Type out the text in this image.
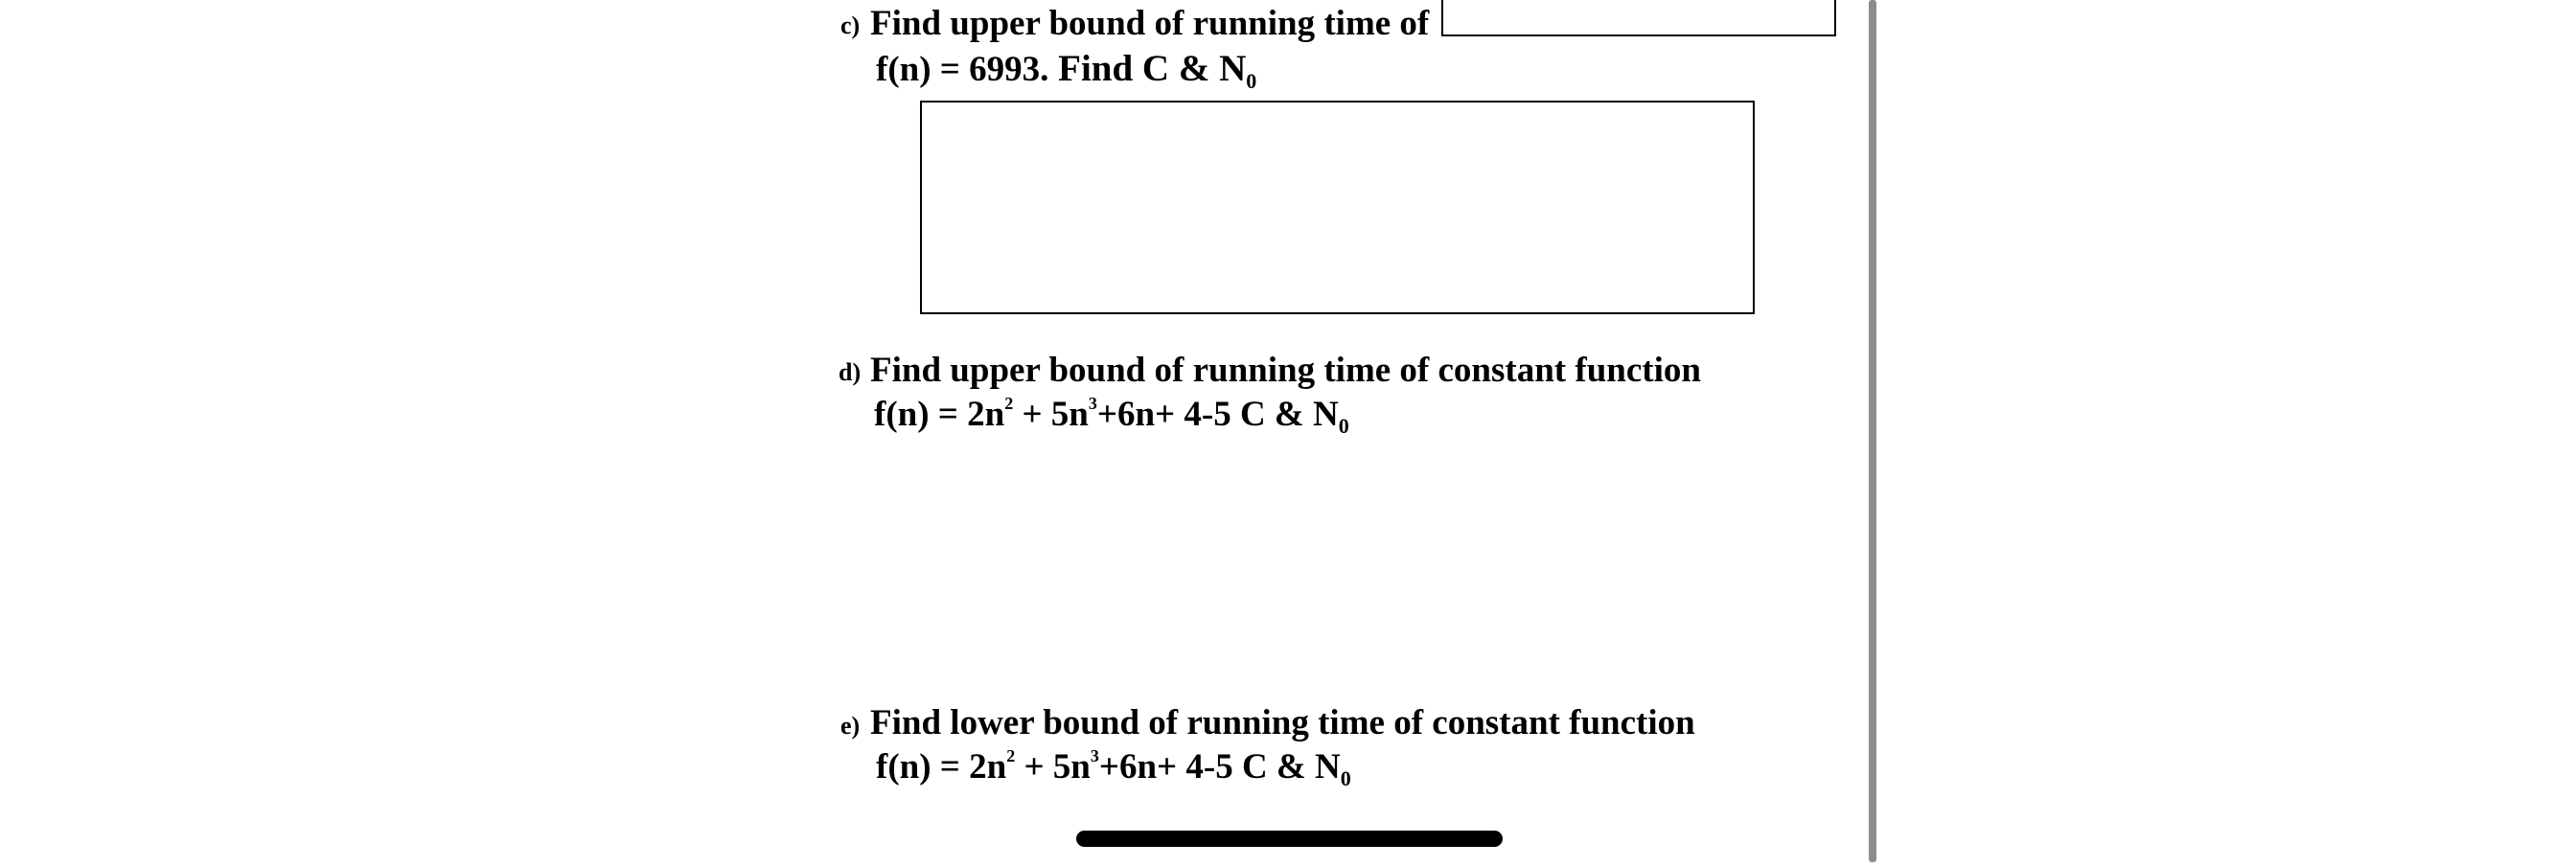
c) Find upper bound of running time of
f(n) = 6993. Find C & $N_0$
d) Find upper bound of running time of constant function
$f(n) = 2n^2 + 5n^3+6n+ 4-5$ C & $N_0$
e) Find lower bound of running time of constant function
$f(n) = 2n^2 + 5n^3+6n+ 4-5$ C & $N_0$
